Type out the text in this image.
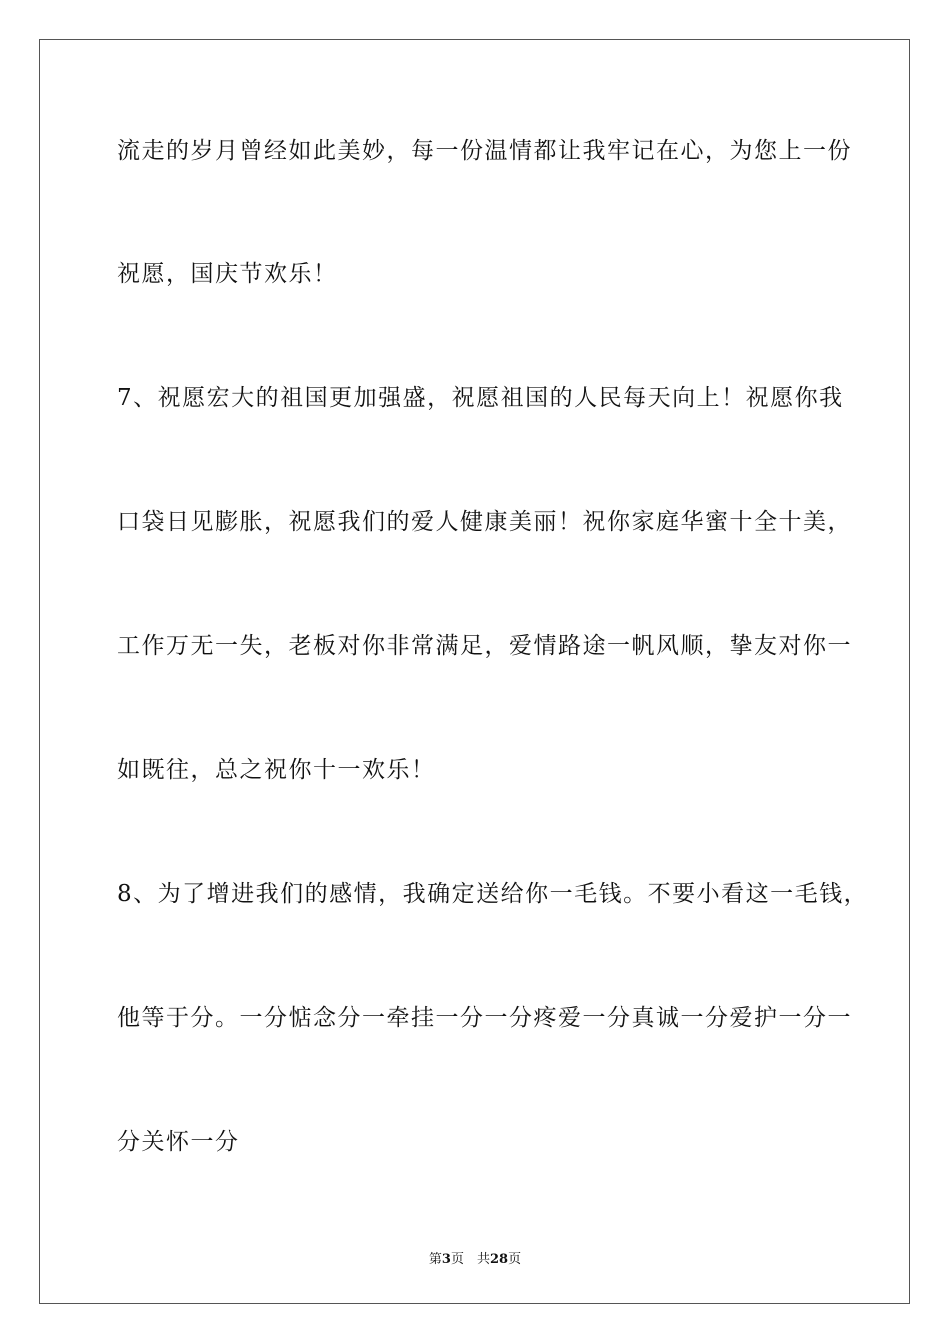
流走的岁月曾经如此美妙，每一份温情都让我牢记在心，为您上一份
祝愿，国庆节欢乐！
7、祝愿宏大的祖国更加强盛，祝愿祖国的人民每天向上！祝愿你我
口袋日见膨胀，祝愿我们的爱人健康美丽！祝你家庭华蜜十全十美，
工作万无一失，老板对你非常满足，爱情路途一帆风顺，挚友对你一
如既往，总之祝你十一欢乐！
8、为了增进我们的感情，我确定送给你一毛钱。不要小看这一毛钱，
他等于分。一分惦念分一牵挂一分一分疼爱一分真诚一分爱护一分一
分关怀一分
第3页　共28页
